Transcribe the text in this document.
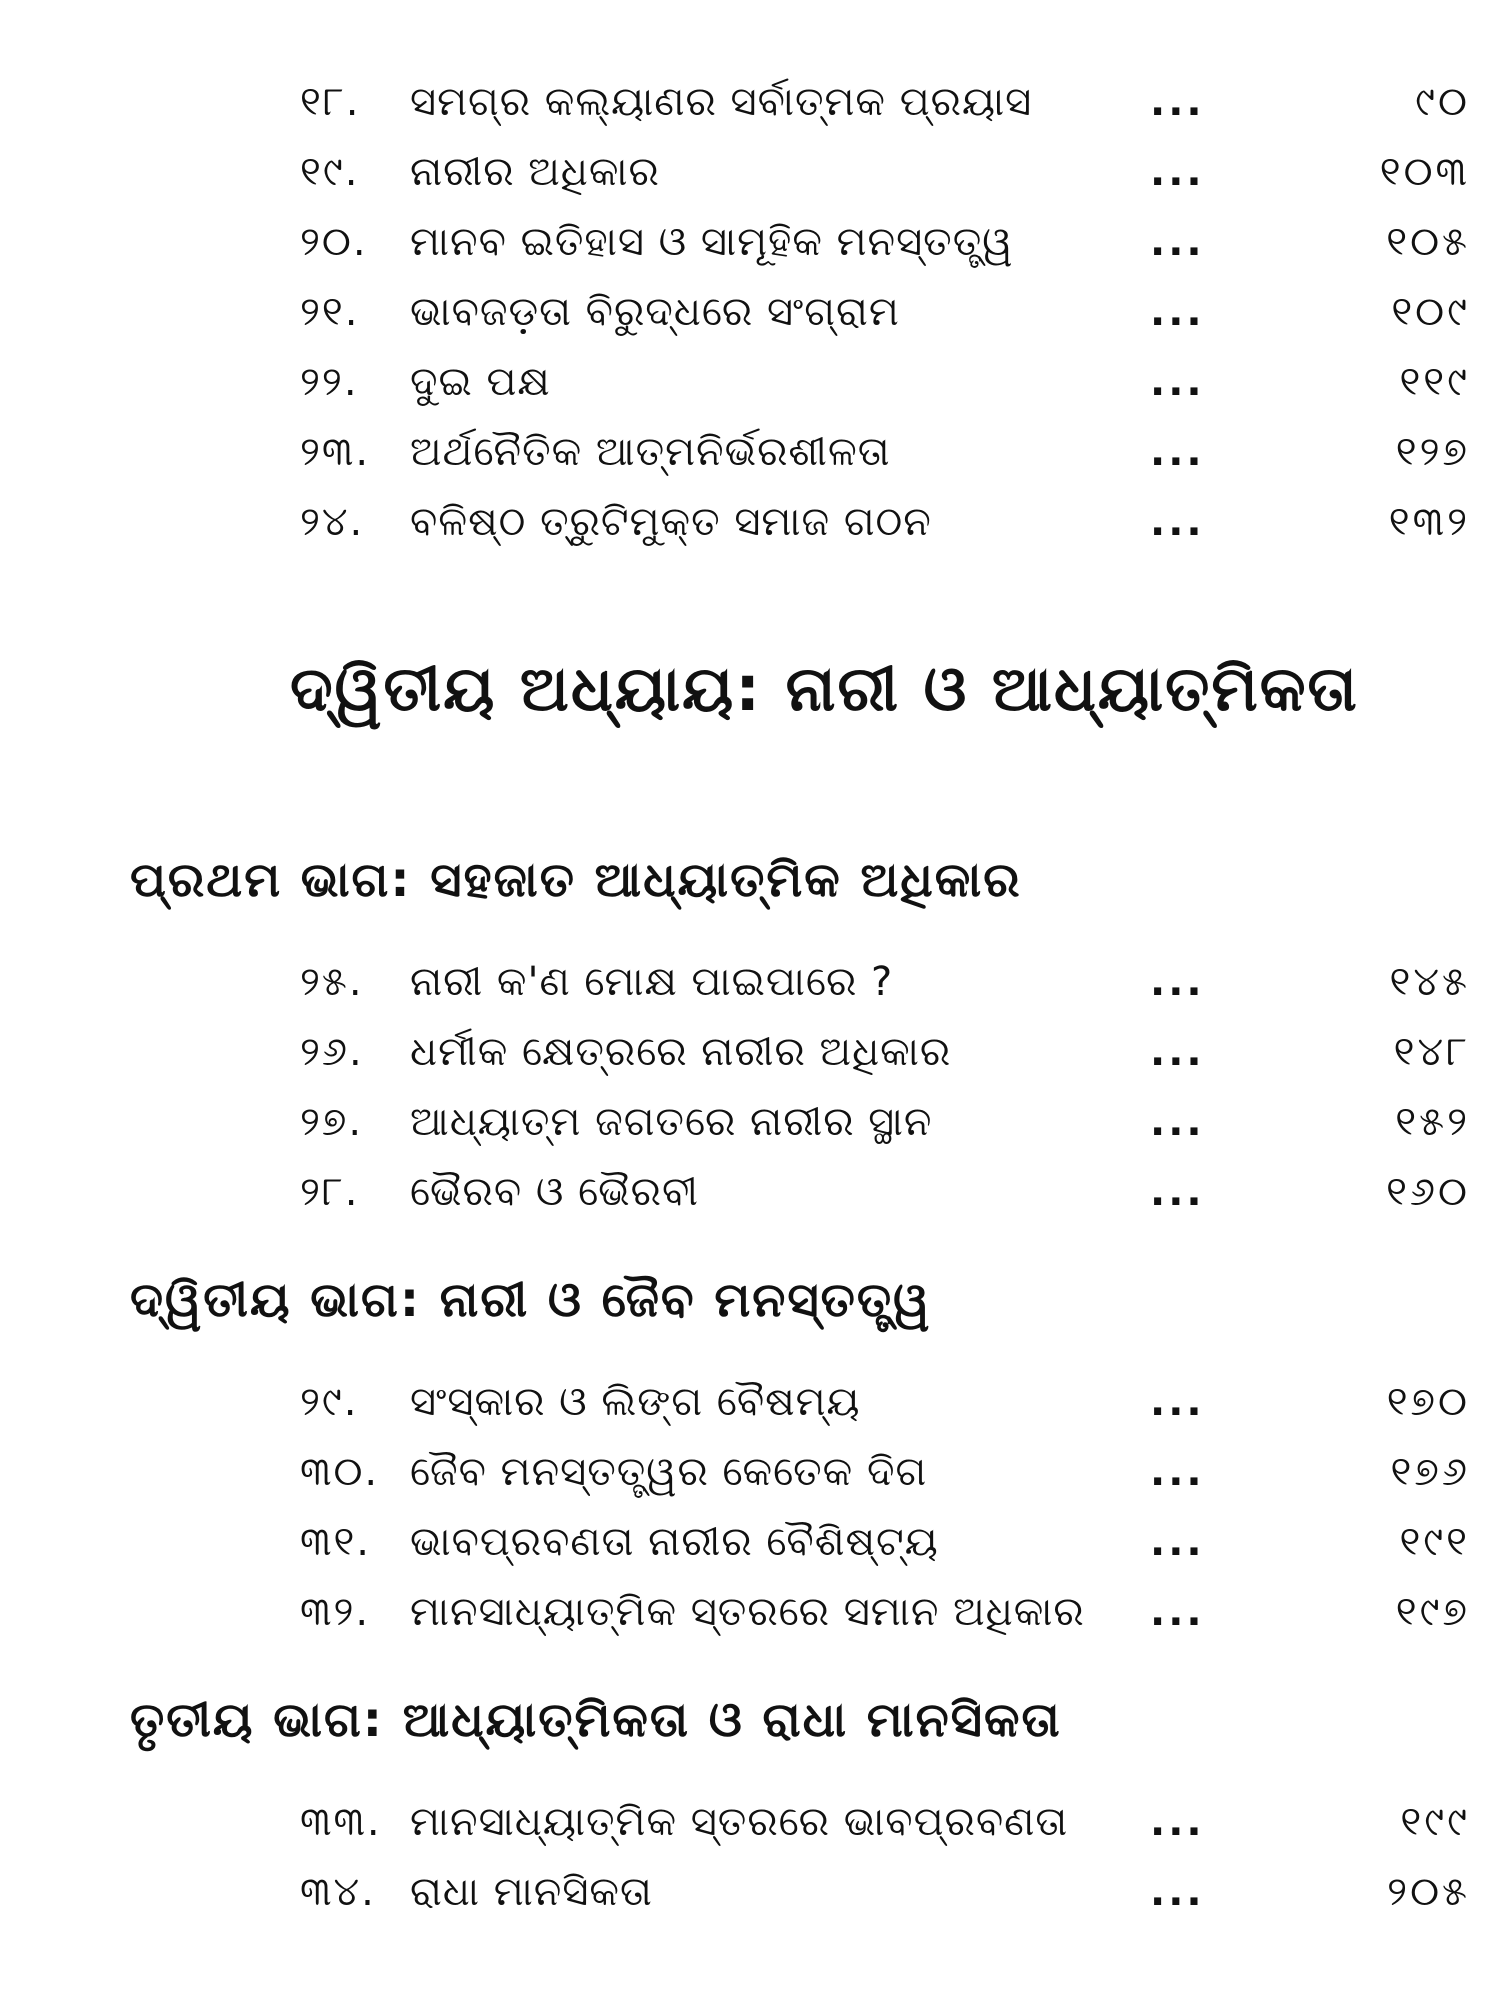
୧୮.	ସମଗ୍ର କଲ୍ୟାଣର ସର୍ବାତ୍ମକ ପ୍ରୟାସ	...	୯୦
୧୯.	ନାରୀର ଅଧିକାର	...	୧୦୩
୨୦.	ମାନବ ଇତିହାସ ଓ ସାମୂହିକ ମନସ୍ତତ୍ତ୍ୱ	...	୧୦୫
୨୧.	ଭାବଜଡ଼ତା ବିରୁଦ୍ଧରେ ସଂଗ୍ରାମ	...	୧୦୯
୨୨.	ଦୁଇ ପକ୍ଷ	...	୧୧୯
୨୩. ଅର୍ଥନୈତିକ ଆତ୍ମନିର୍ଭରଶୀଳତା	...	୧୨୭
୨୪.	ବଳିଷ୍ଠ ତ୍ରୁଟିମୁକ୍ତ ସମାଜ ଗଠନ	...	୧୩୨
ଦ୍ୱିତୀୟ ଅଧ୍ୟାୟ: ନାରୀ ଓ ଆଧ୍ୟାତ୍ମିକତା
ପ୍ରଥମ ଭାଗ: ସହଜାତ ଆଧ୍ୟାତ୍ମିକ ଅଧିକାର
୨୫.	ନାରୀ କ'ଣ ମୋକ୍ଷ ପାଇପାରେ ?	...	୧୪୫
୨୬.	ଧର୍ମୀକ କ୍ଷେତ୍ରରେ ନାରୀର ଅଧିକାର	...	୧୪୮
୨୭.	ଆଧ୍ୟାତ୍ମ ଜଗତରେ ନାରୀର ସ୍ଥାନ	...	୧୫୨
୨୮.	ଭୈରବ ଓ ଭୈରବୀ	...	୧୬୦
ଦ୍ୱିତୀୟ ଭାଗ: ନାରୀ ଓ ଜୈବ ମନସ୍ତତ୍ତ୍ୱ
୨୯.	ସଂସ୍କାର ଓ ଲିଙ୍ଗ ବୈଷମ୍ୟ	...	୧୭୦
୩୦. ଜୈବ ମନସ୍ତତ୍ତ୍ୱର କେତେକ ଦିଗ	...	୧୭୬
୩୧. ଭାବପ୍ରବଣତା ନାରୀର ବୈଶିଷ୍ଟ୍ୟ	...	୧୯୧
୩୨. ମାନସାଧ୍ୟାତ୍ମିକ ସ୍ତରରେ ସମାନ ଅଧିକାର	...	୧୯୭
ତୃତୀୟ ଭାଗ: ଆଧ୍ୟାତ୍ମିକତା ଓ ରାଧା ମାନସିକତା
୩୩. ମାନସାଧ୍ୟାତ୍ମିକ ସ୍ତରରେ ଭାବପ୍ରବଣତା	...	୧୯୯
୩୪. ରାଧା ମାନସିକତା	...	୨୦୫
